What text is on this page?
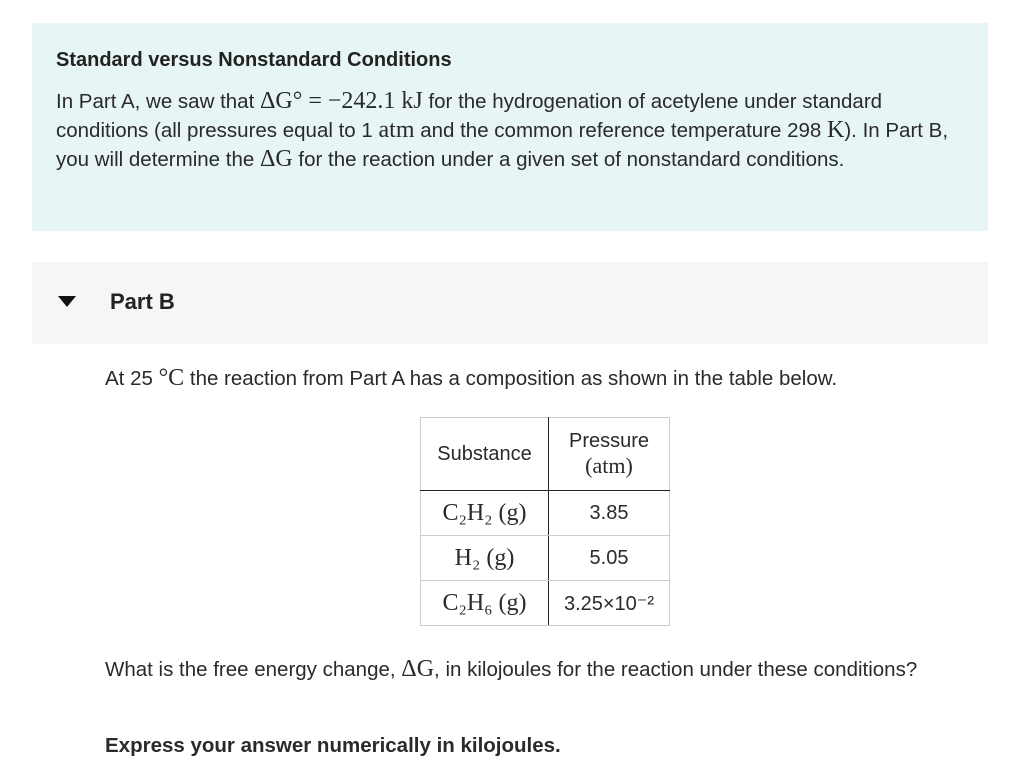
Standard versus Nonstandard Conditions

In Part A, we saw that ΔG° = −242.1 kJ for the hydrogenation of acetylene under standard conditions (all pressures equal to 1 atm and the common reference temperature 298 K). In Part B, you will determine the ΔG for the reaction under a given set of nonstandard conditions.

Part B
At 25 °C the reaction from Part A has a composition as shown in the table below.
Substance	Pressure
(atm)

C₂H₂ (g)	3.85
H₂ (g)	5.05
C₂H₆ (g)	3.25×10⁻²
What is the free energy change, ΔG, in kilojoules for the reaction under these conditions?
Express your answer numerically in kilojoules.
